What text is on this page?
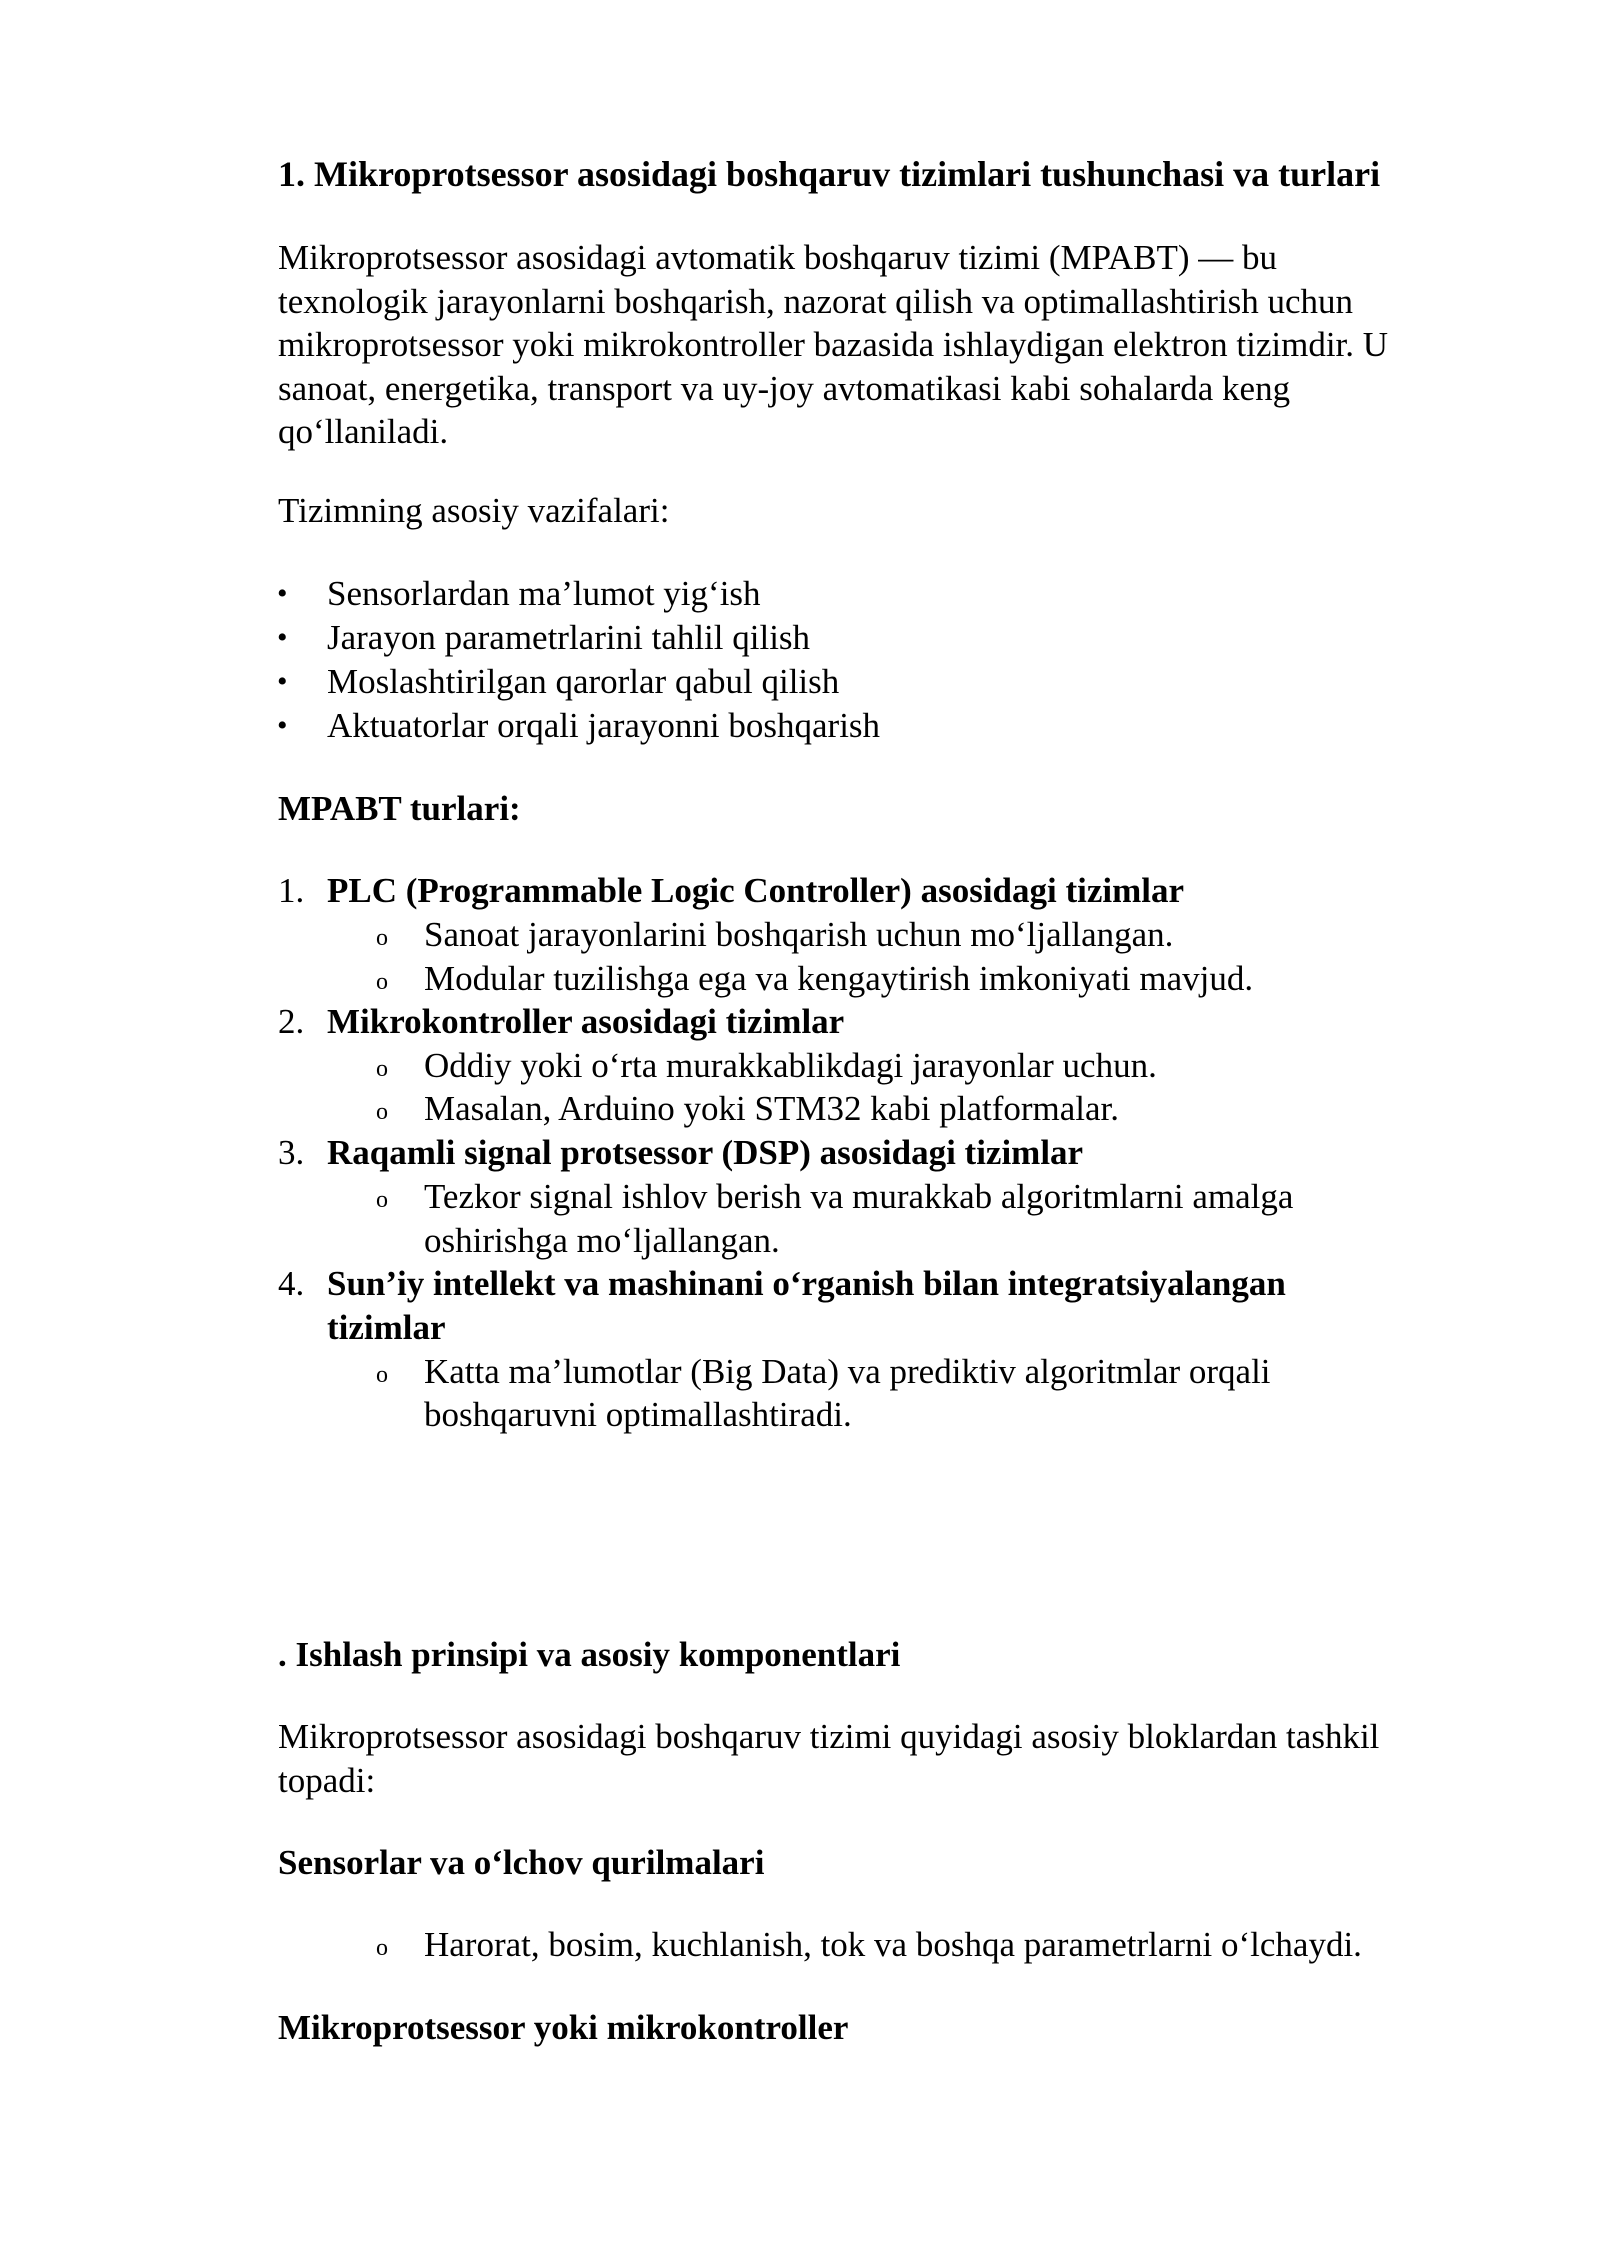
1. Mikroprotsessor asosidagi boshqaruv tizimlari tushunchasi va turlari
Mikroprotsessor asosidagi avtomatik boshqaruv tizimi (MPABT) — bu
texnologik jarayonlarni boshqarish, nazorat qilish va optimallashtirish uchun
mikroprotsessor yoki mikrokontroller bazasida ishlaydigan elektron tizimdir. U
sanoat, energetika, transport va uy-joy avtomatikasi kabi sohalarda keng
qo‘llaniladi.
Tizimning asosiy vazifalari:
• Sensorlardan ma’lumot yig‘ish
• Jarayon parametrlarini tahlil qilish
• Moslashtirilgan qarorlar qabul qilish
• Aktuatorlar orqali jarayonni boshqarish
MPABT turlari:
1. PLC (Programmable Logic Controller) asosidagi tizimlar
o Sanoat jarayonlarini boshqarish uchun mo‘ljallangan.
o Modular tuzilishga ega va kengaytirish imkoniyati mavjud.
2. Mikrokontroller asosidagi tizimlar
o Oddiy yoki o‘rta murakkablikdagi jarayonlar uchun.
o Masalan, Arduino yoki STM32 kabi platformalar.
3. Raqamli signal protsessor (DSP) asosidagi tizimlar
o Tezkor signal ishlov berish va murakkab algoritmlarni amalga
oshirishga mo‘ljallangan.
4. Sun’iy intellekt va mashinani o‘rganish bilan integratsiyalangan
tizimlar
o Katta ma’lumotlar (Big Data) va prediktiv algoritmlar orqali
boshqaruvni optimallashtiradi.
. Ishlash prinsipi va asosiy komponentlari
Mikroprotsessor asosidagi boshqaruv tizimi quyidagi asosiy bloklardan tashkil
topadi:
Sensorlar va o‘lchov qurilmalari
o Harorat, bosim, kuchlanish, tok va boshqa parametrlarni o‘lchaydi.
Mikroprotsessor yoki mikrokontroller
